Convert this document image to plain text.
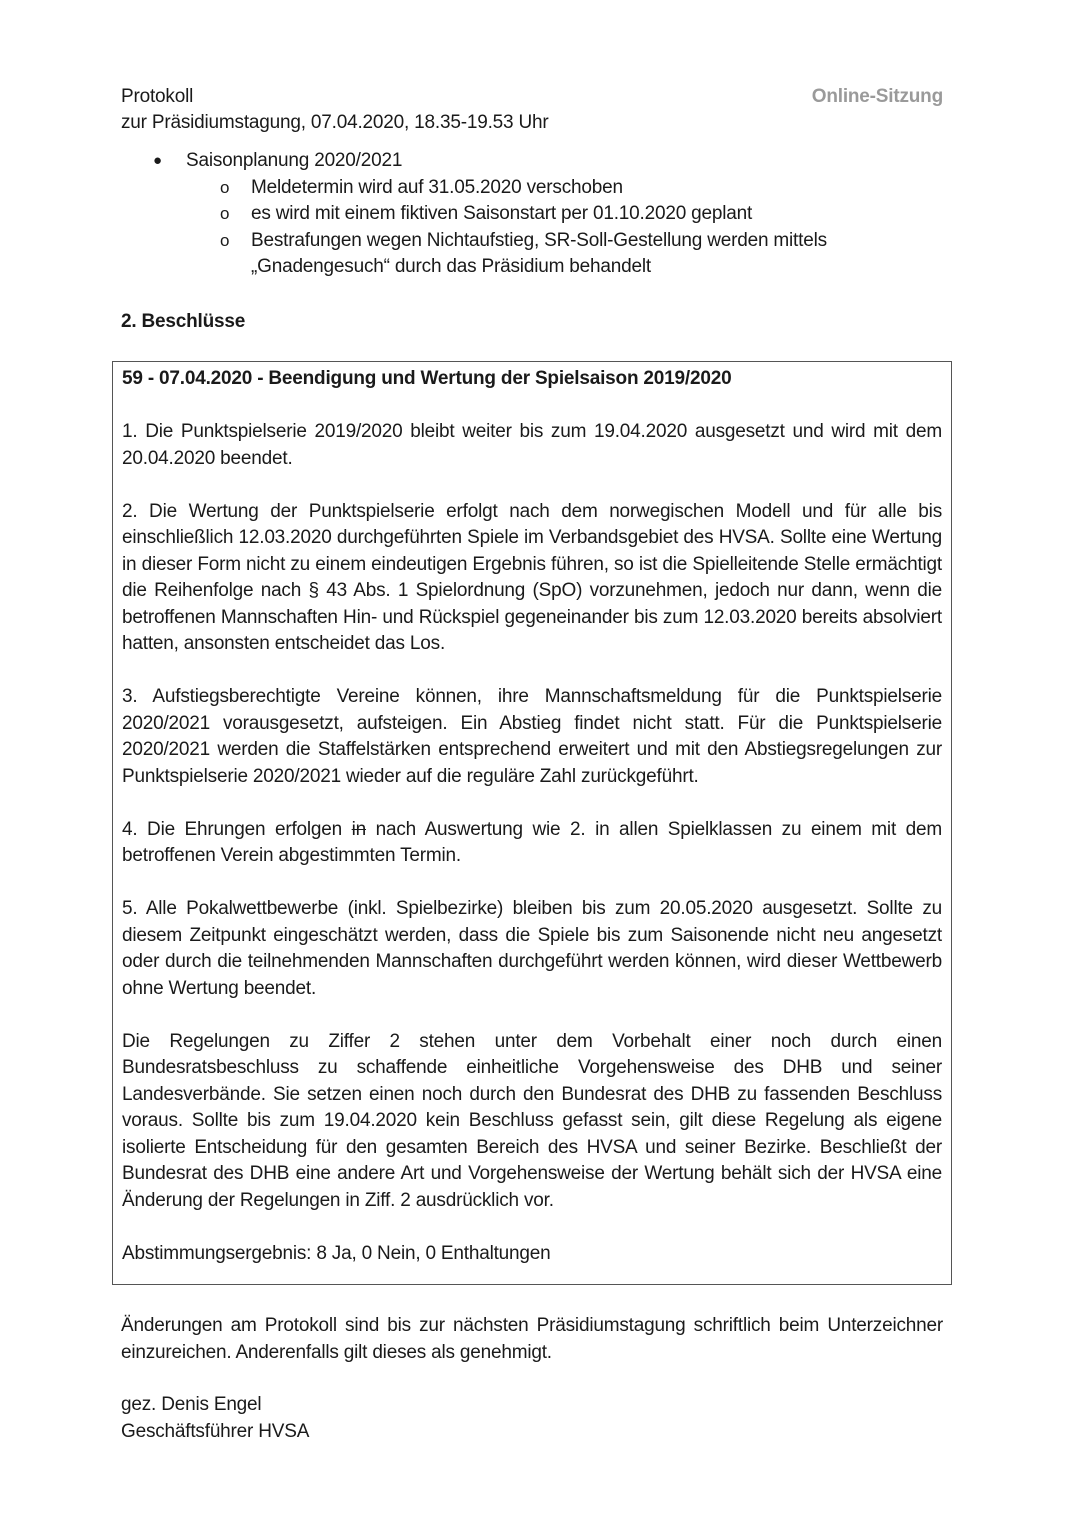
Protokoll	Online-Sitzung
zur Präsidiumstagung, 07.04.2020, 18.35-19.53 Uhr
● Saisonplanung 2020/2021
o Meldetermin wird auf 31.05.2020 verschoben
o es wird mit einem fiktiven Saisonstart per 01.10.2020 geplant
o Bestrafungen wegen Nichtaufstieg, SR-Soll-Gestellung werden mittels „Gnadengesuch“ durch das Präsidium behandelt
2. Beschlüsse

59 - 07.04.2020 - Beendigung und Wertung der Spielsaison 2019/2020

1. Die Punktspielserie 2019/2020 bleibt weiter bis zum 19.04.2020 ausgesetzt und wird mit dem 20.04.2020 beendet.

2. Die Wertung der Punktspielserie erfolgt nach dem norwegischen Modell und für alle bis einschließlich 12.03.2020 durchgeführten Spiele im Verbandsgebiet des HVSA. Sollte eine Wertung in dieser Form nicht zu einem eindeutigen Ergebnis führen, so ist die Spielleitende Stelle ermächtigt die Reihenfolge nach § 43 Abs. 1 Spielordnung (SpO) vorzunehmen, jedoch nur dann, wenn die betroffenen Mannschaften Hin- und Rückspiel gegeneinander bis zum 12.03.2020 bereits absolviert hatten, ansonsten entscheidet das Los.

3. Aufstiegsberechtigte Vereine können, ihre Mannschaftsmeldung für die Punktspielserie 2020/2021 vorausgesetzt, aufsteigen. Ein Abstieg findet nicht statt. Für die Punktspielserie 2020/2021 werden die Staffelstärken entsprechend erweitert und mit den Abstiegsregelungen zur Punktspielserie 2020/2021 wieder auf die reguläre Zahl zurückgeführt.

4. Die Ehrungen erfolgen in nach Auswertung wie 2. in allen Spielklassen zu einem mit dem betroffenen Verein abgestimmten Termin.

5. Alle Pokalwettbewerbe (inkl. Spielbezirke) bleiben bis zum 20.05.2020 ausgesetzt. Sollte zu diesem Zeitpunkt eingeschätzt werden, dass die Spiele bis zum Saisonende nicht neu angesetzt oder durch die teilnehmenden Mannschaften durchgeführt werden können, wird dieser Wettbewerb ohne Wertung beendet.

Die Regelungen zu Ziffer 2 stehen unter dem Vorbehalt einer noch durch einen Bundesratsbeschluss zu schaffende einheitliche Vorgehensweise des DHB und seiner Landesverbände. Sie setzen einen noch durch den Bundesrat des DHB zu fassenden Beschluss voraus. Sollte bis zum 19.04.2020 kein Beschluss gefasst sein, gilt diese Regelung als eigene isolierte Entscheidung für den gesamten Bereich des HVSA und seiner Bezirke. Beschließt der Bundesrat des DHB eine andere Art und Vorgehensweise der Wertung behält sich der HVSA eine Änderung der Regelungen in Ziff. 2 ausdrücklich vor.

Abstimmungsergebnis: 8 Ja, 0 Nein, 0 Enthaltungen

Änderungen am Protokoll sind bis zur nächsten Präsidiumstagung schriftlich beim Unterzeichner einzureichen. Anderenfalls gilt dieses als genehmigt.
gez. Denis Engel
Geschäftsführer HVSA
